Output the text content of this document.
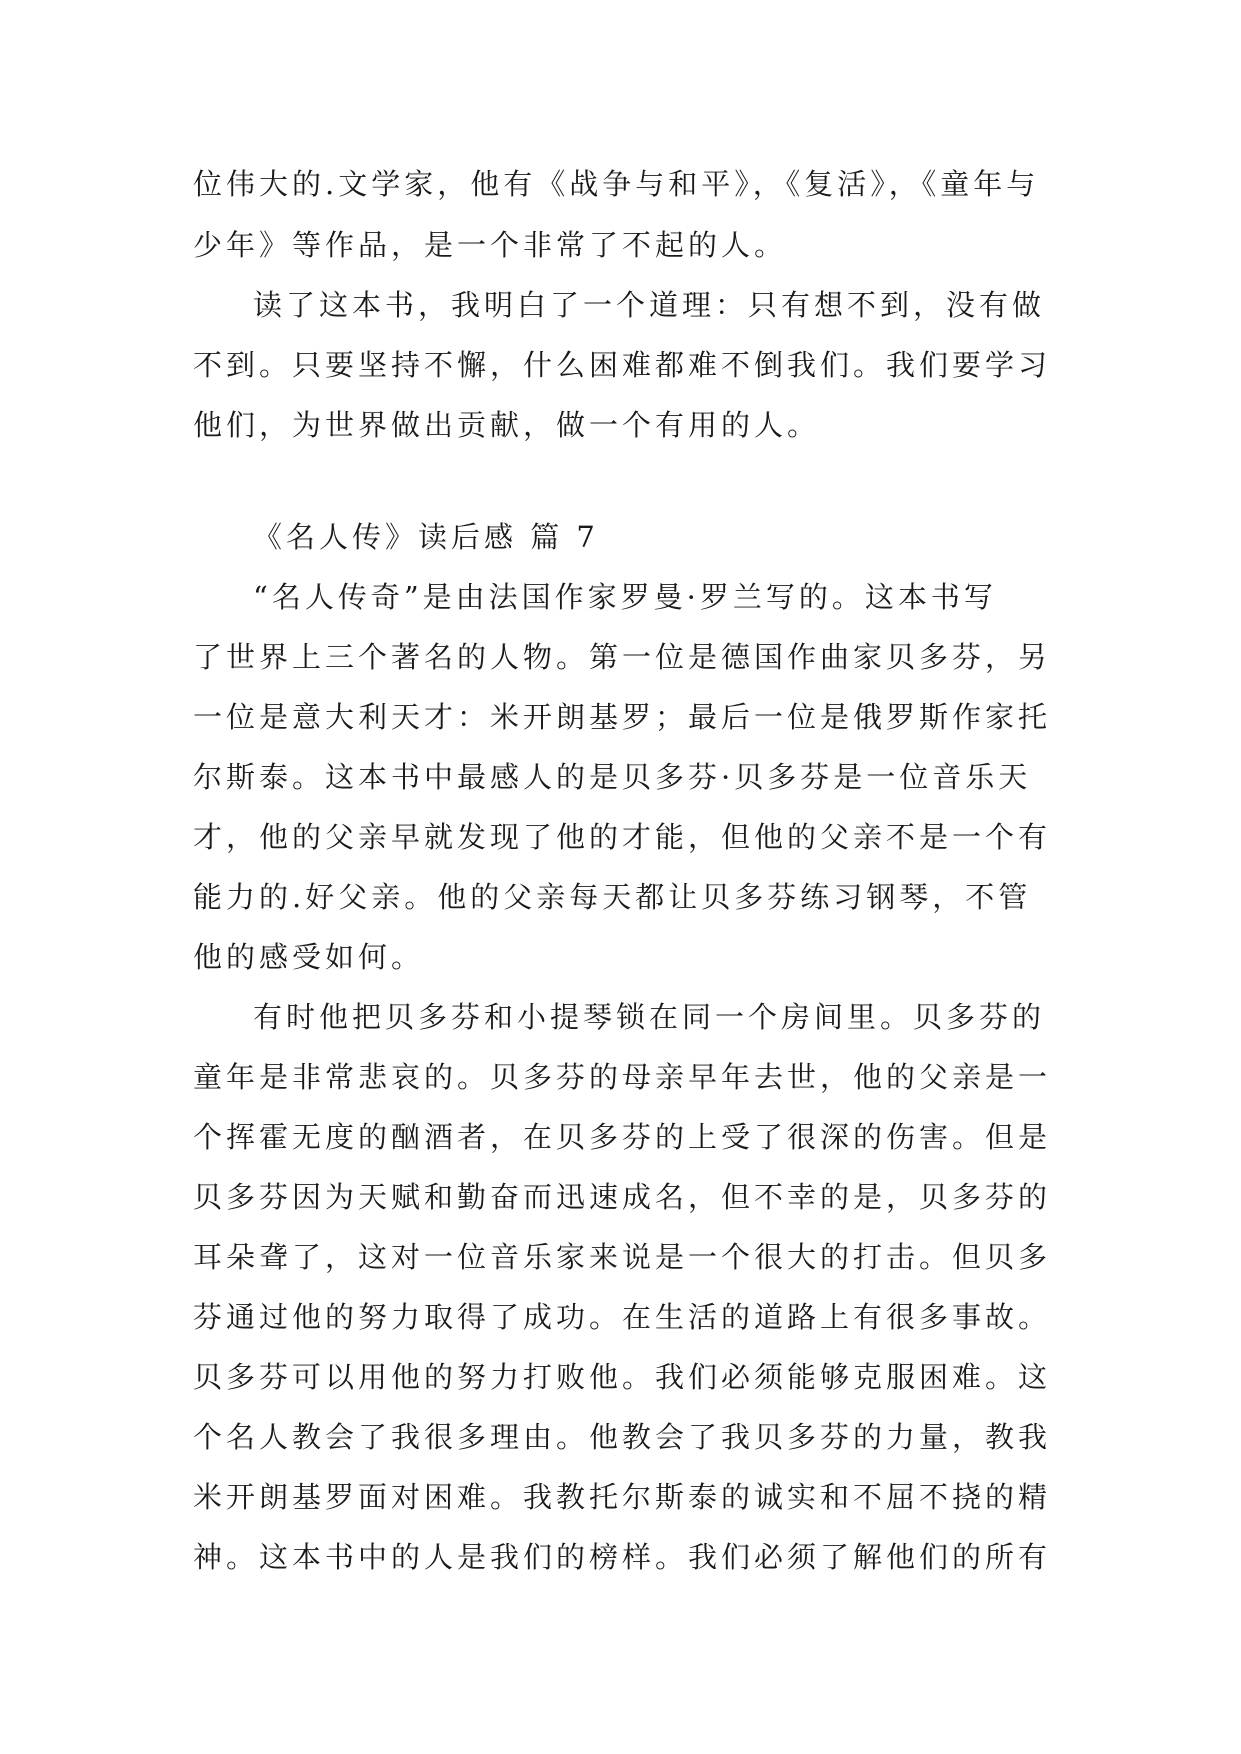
位伟大的.文学家，他有《战争与和平》，《复活》，《童年与

少年》等作品，是一个非常了不起的人。

读了这本书，我明白了一个道理：只有想不到，没有做

不到。只要坚持不懈，什么困难都难不倒我们。我们要学习

他们，为世界做出贡献，做一个有用的人。

《名人传》读后感 篇 7

“名人传奇”是由法国作家罗曼·罗兰写的。这本书写

了世界上三个著名的人物。第一位是德国作曲家贝多芬，另

一位是意大利天才：米开朗基罗；最后一位是俄罗斯作家托

尔斯泰。这本书中最感人的是贝多芬·贝多芬是一位音乐天

才，他的父亲早就发现了他的才能，但他的父亲不是一个有

能力的.好父亲。他的父亲每天都让贝多芬练习钢琴，不管

他的感受如何。

有时他把贝多芬和小提琴锁在同一个房间里。贝多芬的

童年是非常悲哀的。贝多芬的母亲早年去世，他的父亲是一

个挥霍无度的酗酒者，在贝多芬的上受了很深的伤害。但是

贝多芬因为天赋和勤奋而迅速成名，但不幸的是，贝多芬的

耳朵聋了，这对一位音乐家来说是一个很大的打击。但贝多

芬通过他的努力取得了成功。在生活的道路上有很多事故。

贝多芬可以用他的努力打败他。我们必须能够克服困难。这

个名人教会了我很多理由。他教会了我贝多芬的力量，教我

米开朗基罗面对困难。我教托尔斯泰的诚实和不屈不挠的精

神。这本书中的人是我们的榜样。我们必须了解他们的所有
